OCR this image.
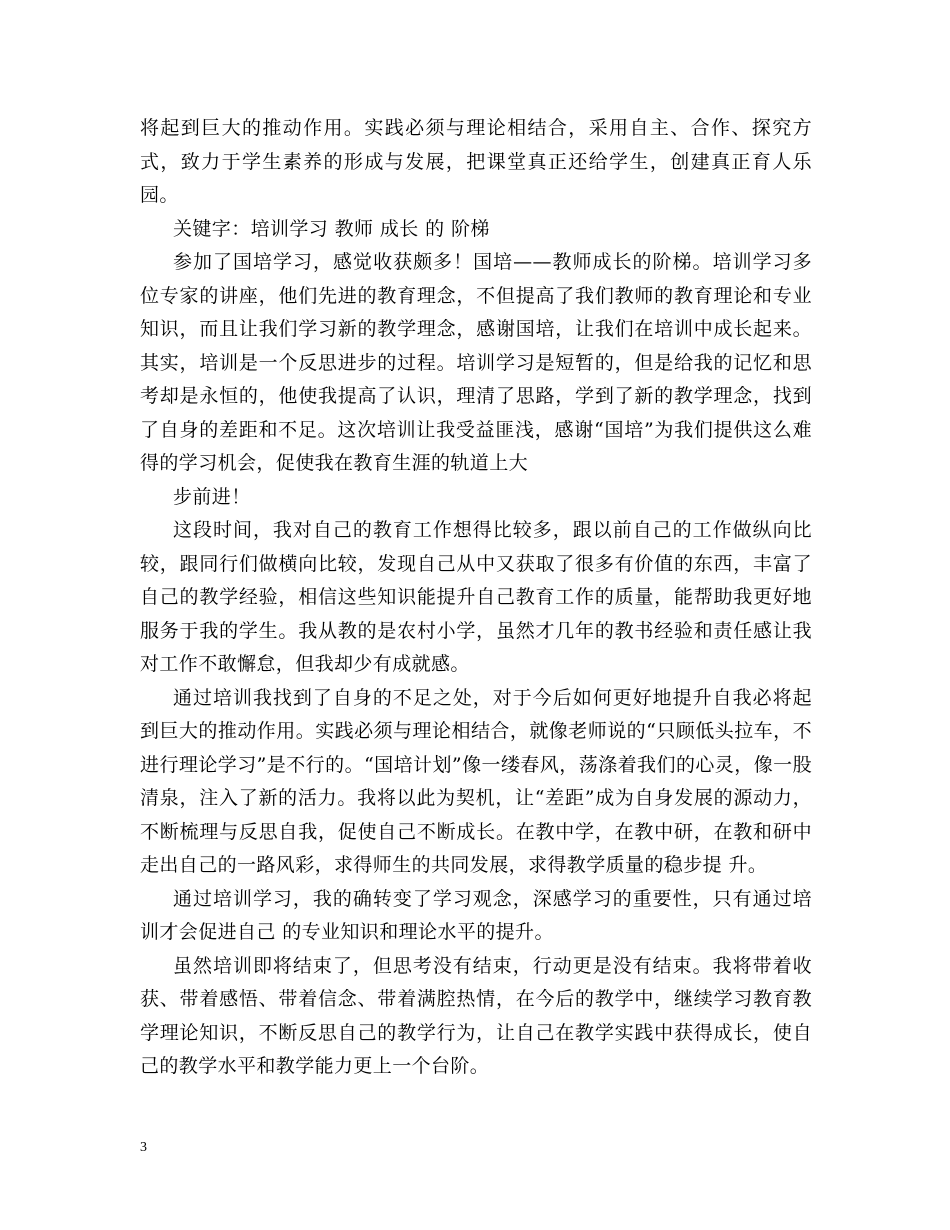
将起到巨大的推动作用。实践必须与理论相结合，采用自主、合作、探究方式，致力于学生素养的形成与发展，把课堂真正还给学生，创建真正育人乐园。

关键字：培训学习 教师 成长 的 阶梯

参加了国培学习，感觉收获颇多！国培——教师成长的阶梯。培训学习多位专家的讲座，他们先进的教育理念，不但提高了我们教师的教育理论和专业知识，而且让我们学习新的教学理念，感谢国培，让我们在培训中成长起来。其实，培训是一个反思进步的过程。培训学习是短暂的，但是给我的记忆和思考却是永恒的，他使我提高了认识，理清了思路，学到了新的教学理念，找到了自身的差距和不足。这次培训让我受益匪浅，感谢“国培”为我们提供这么难得的学习机会，促使我在教育生涯的轨道上大

步前进！

这段时间，我对自己的教育工作想得比较多，跟以前自己的工作做纵向比较，跟同行们做横向比较，发现自己从中又获取了很多有价值的东西，丰富了自己的教学经验，相信这些知识能提升自己教育工作的质量，能帮助我更好地服务于我的学生。我从教的是农村小学，虽然才几年的教书经验和责任感让我对工作不敢懈怠，但我却少有成就感。

通过培训我找到了自身的不足之处，对于今后如何更好地提升自我必将起到巨大的推动作用。实践必须与理论相结合，就像老师说的“只顾低头拉车，不进行理论学习”是不行的。“国培计划”像一缕春风，荡涤着我们的心灵，像一股清泉，注入了新的活力。我将以此为契机，让“差距”成为自身发展的源动力，不断梳理与反思自我，促使自己不断成长。在教中学，在教中研，在教和研中走出自己的一路风彩，求得师生的共同发展，求得教学质量的稳步提 升。

通过培训学习，我的确转变了学习观念，深感学习的重要性，只有通过培训才会促进自己 的专业知识和理论水平的提升。

虽然培训即将结束了，但思考没有结束，行动更是没有结束。我将带着收获、带着感悟、带着信念、带着满腔热情，在今后的教学中，继续学习教育教学理论知识，不断反思自己的教学行为，让自己在教学实践中获得成长，使自己的教学水平和教学能力更上一个台阶。

3
